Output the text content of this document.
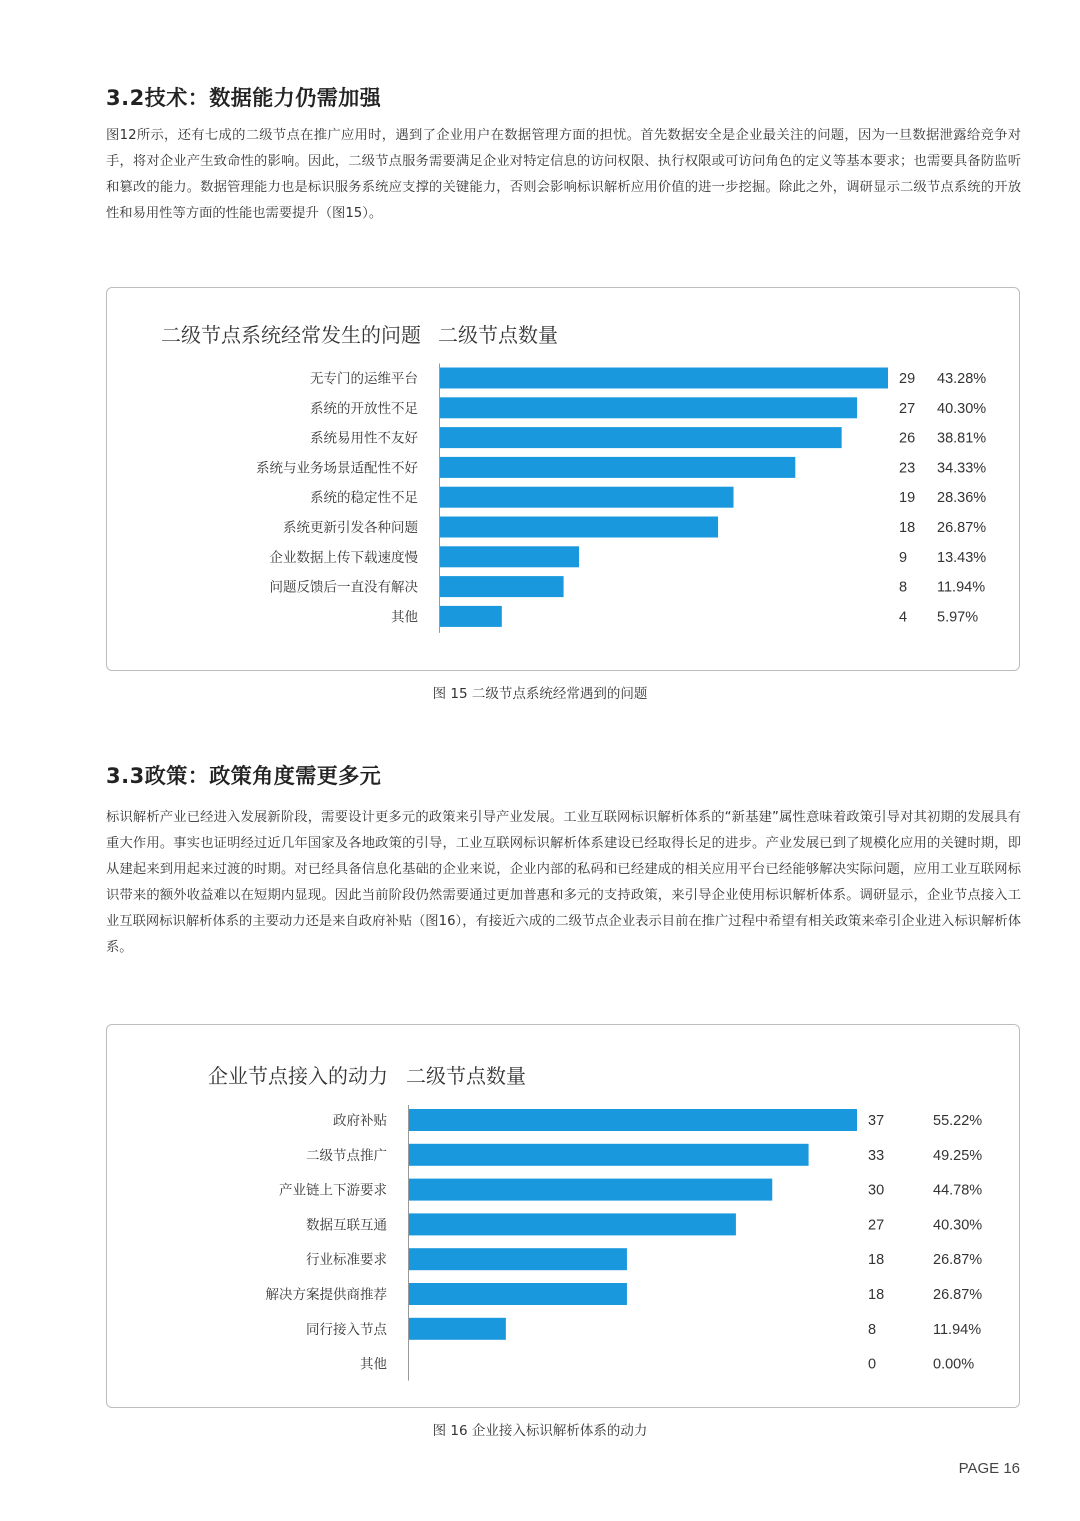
3.2技术：数据能力仍需加强

图12所示，还有七成的二级节点在推广应用时，遇到了企业用户在数据管理方面的担忧。首先数据安全是企业最关注的问题，因为一旦数据泄露给竞争对手，将对企业产生致命性的影响。因此，二级节点服务需要满足企业对特定信息的访问权限、执行权限或可访问角色的定义等基本要求；也需要具备防监听和篡改的能力。数据管理能力也是标识服务系统应支撑的关键能力，否则会影响标识解析应用价值的进一步挖掘。除此之外，调研显示二级节点系统的开放性和易用性等方面的性能也需要提升（图15）。

二级节点系统经常发生的问题 二级节点数量
无专门的运维平台	29 43.28%
系统的开放性不足	27 40.30%
系统易用性不友好	26 38.81%
系统与业务场景适配性不好	23 34.33%
系统的稳定性不足	19 28.36%
系统更新引发各种问题	18 26.87%
企业数据上传下载速度慢	9 13.43%
问题反馈后一直没有解决	8 11.94%
其他	4 5.97%

图 15 二级节点系统经常遇到的问题

3.3政策：政策角度需更多元

标识解析产业已经进入发展新阶段，需要设计更多元的政策来引导产业发展。工业互联网标识解析体系的“新基建”属性意味着政策引导对其初期的发展具有重大作用。事实也证明经过近几年国家及各地政策的引导，工业互联网标识解析体系建设已经取得长足的进步。产业发展已到了规模化应用的关键时期，即从建起来到用起来过渡的时期。对已经具备信息化基础的企业来说，企业内部的私码和已经建成的相关应用平台已经能够解决实际问题，应用工业互联网标识带来的额外收益难以在短期内显现。因此当前阶段仍然需要通过更加普惠和多元的支持政策，来引导企业使用标识解析体系。调研显示，企业节点接入工业互联网标识解析体系的主要动力还是来自政府补贴（图16），有接近六成的二级节点企业表示目前在推广过程中希望有相关政策来牵引企业进入标识解析体系。

企业节点接入的动力 二级节点数量
政府补贴	37	55.22%
二级节点推广	33	49.25%
产业链上下游要求	30	44.78%
数据互联互通	27	40.30%
行业标准要求	18	26.87%
解决方案提供商推荐	18	26.87%
同行接入节点	8	11.94%
其他	0	0.00%

图 16 企业接入标识解析体系的动力

PAGE 16
